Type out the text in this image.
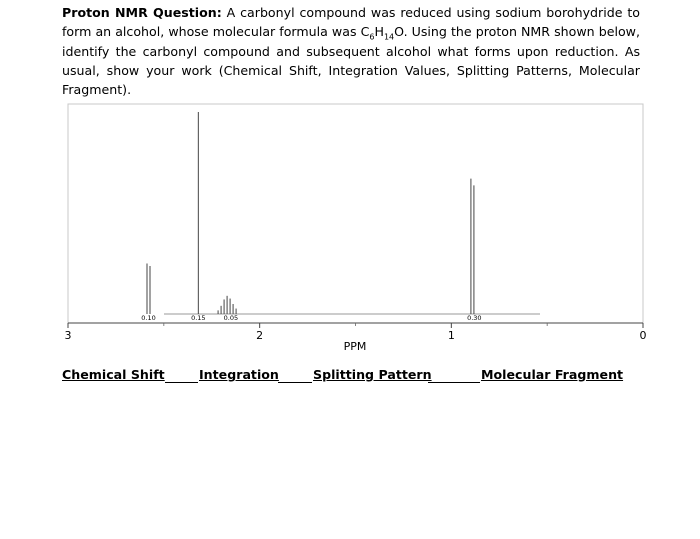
Proton NMR Question: A carbonyl compound was reduced using sodium borohydride to form an alcohol, whose molecular formula was $C_6H_{14}O$. Using the proton NMR shown below, identify the carbonyl compound and subsequent alcohol what forms upon reduction. As usual, show your work (Chemical Shift, Integration Values, Splitting Patterns, Molecular Fragment).
3	2	1	0
0.10	0.15	0.05	0.30
PPM
Chemical Shift	Integration	Splitting Pattern	Molecular Fragment
